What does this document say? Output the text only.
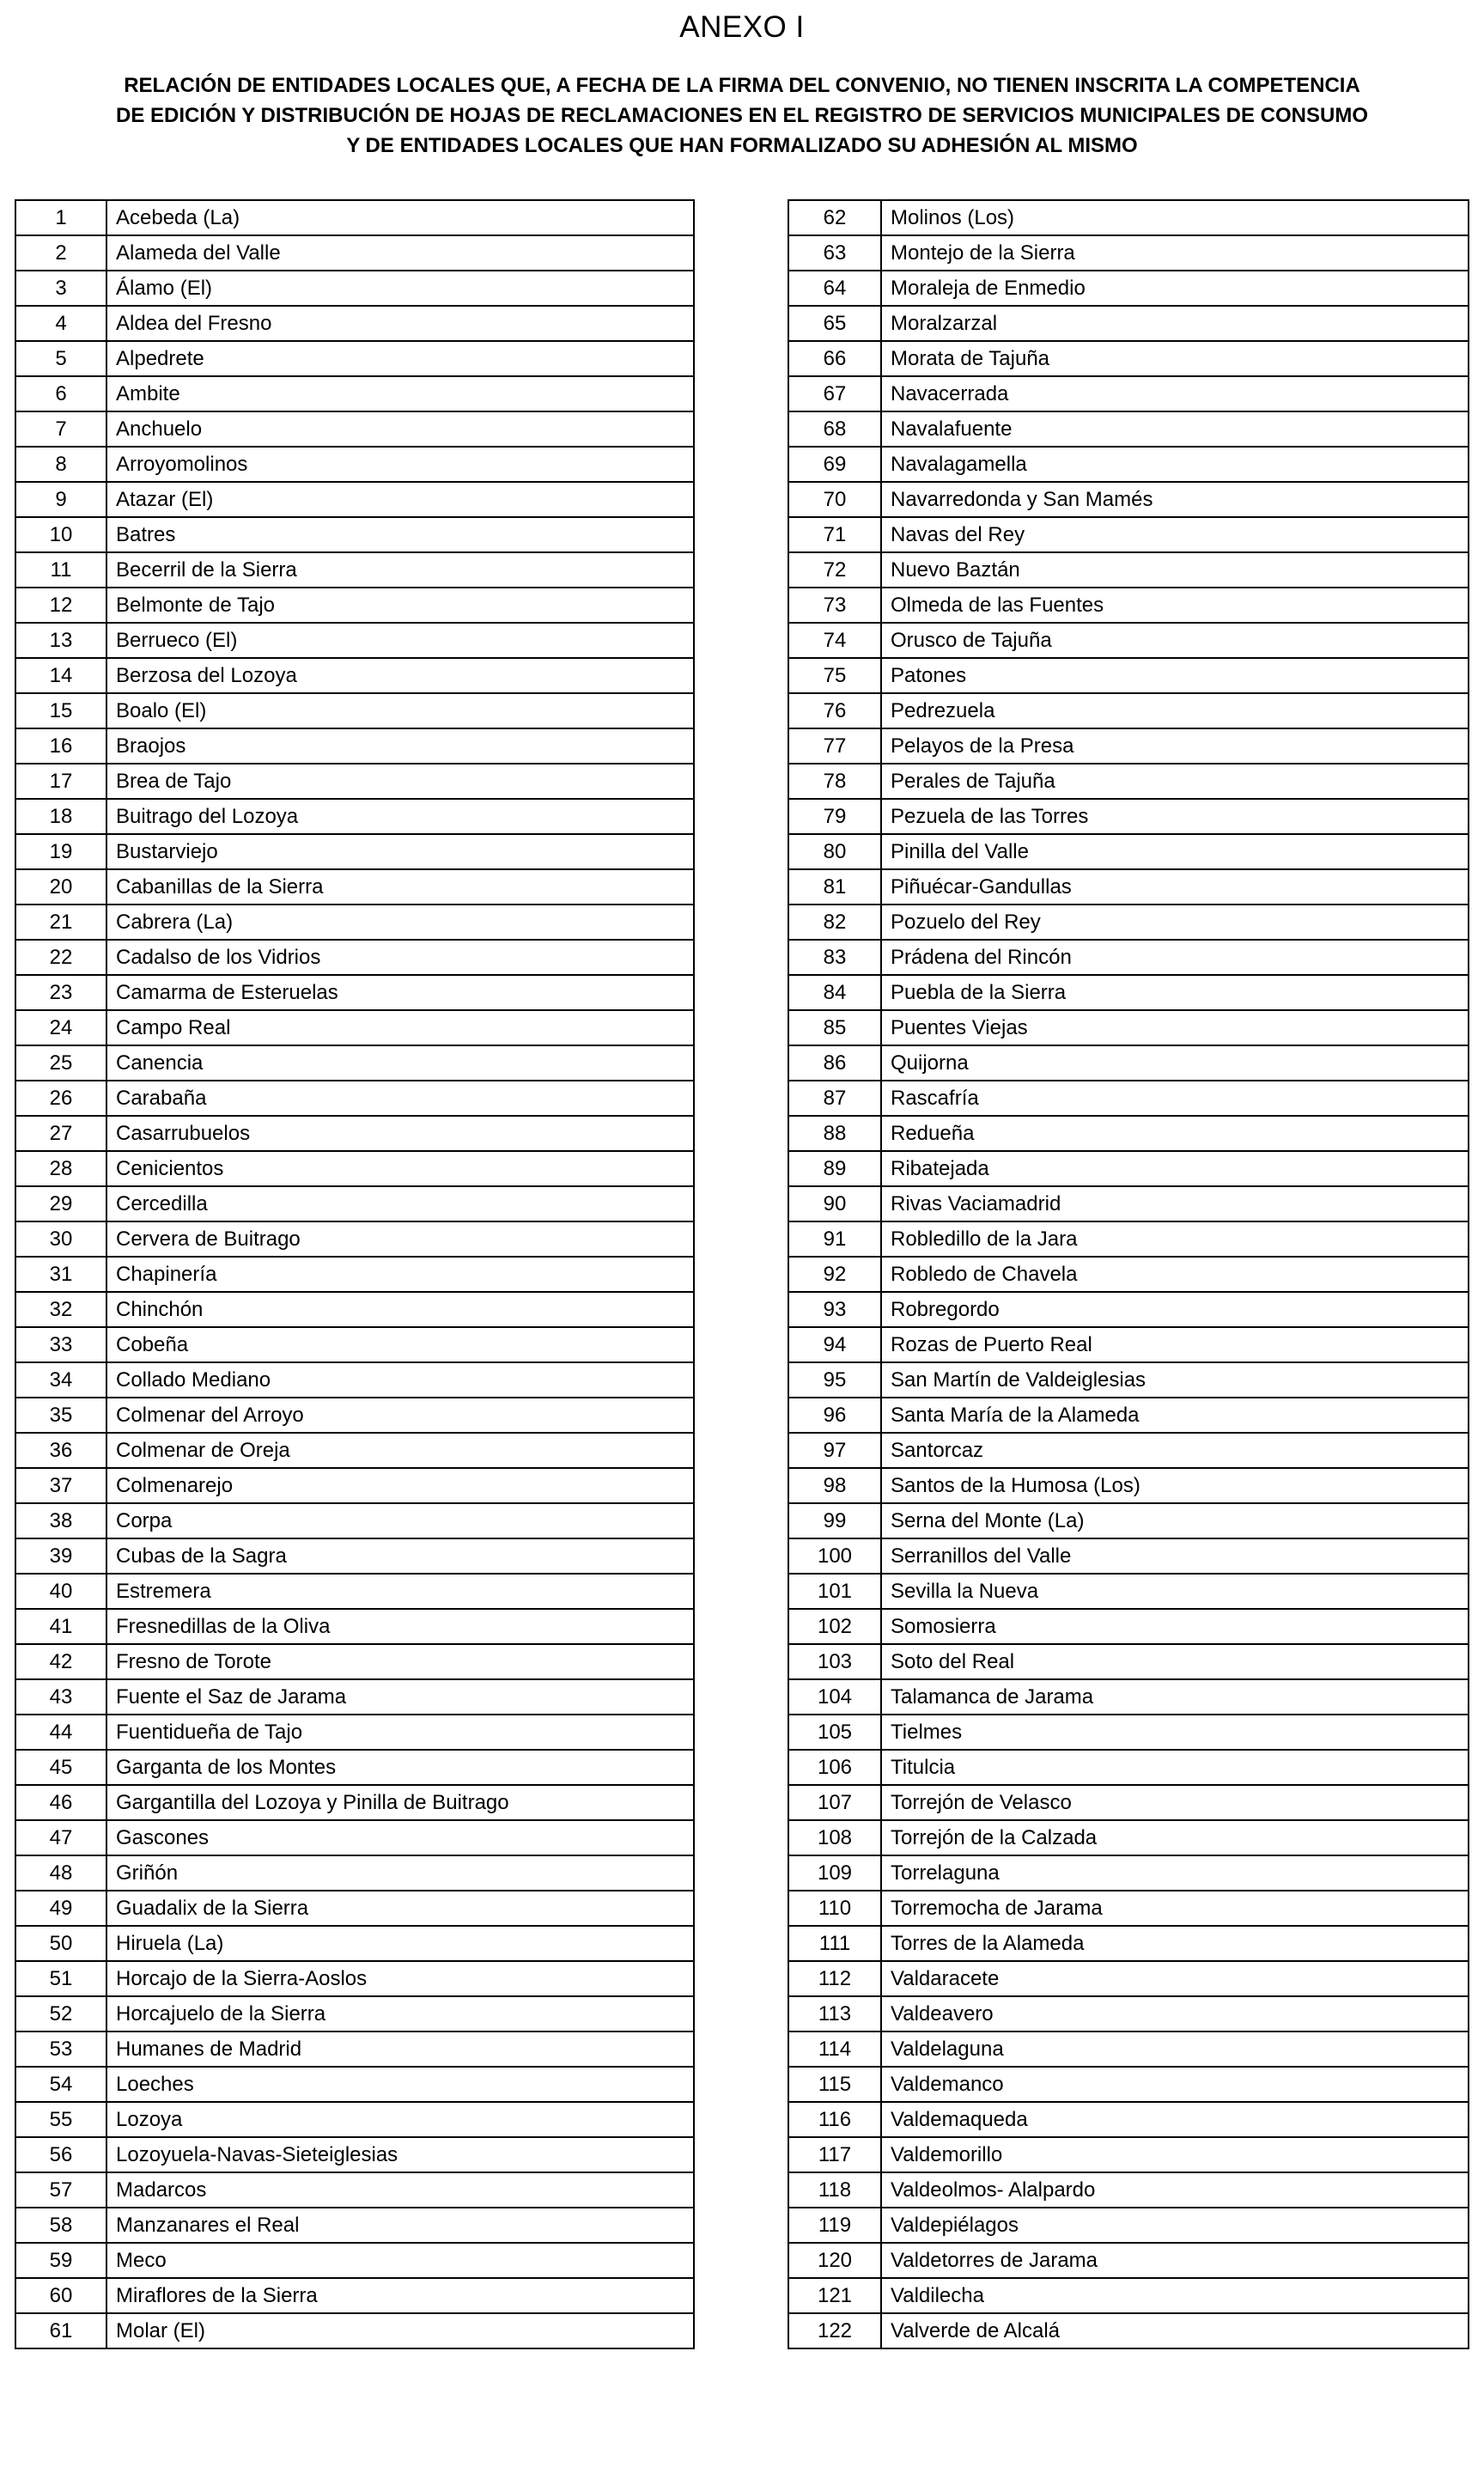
ANEXO I
RELACIÓN DE ENTIDADES LOCALES QUE, A FECHA DE LA FIRMA DEL CONVENIO, NO TIENEN INSCRITA LA COMPETENCIA
DE EDICIÓN Y DISTRIBUCIÓN DE HOJAS DE RECLAMACIONES EN EL REGISTRO DE SERVICIOS MUNICIPALES DE CONSUMO
Y DE ENTIDADES LOCALES QUE HAN FORMALIZADO SU ADHESIÓN AL MISMO
1	Acebeda (La)
2	Alameda del Valle
3	Álamo (El)
4	Aldea del Fresno
5	Alpedrete
6	Ambite
7	Anchuelo
8	Arroyomolinos
9	Atazar (El)
10	Batres
11	Becerril de la Sierra
12	Belmonte de Tajo
13	Berrueco (El)
14	Berzosa del Lozoya
15	Boalo (El)
16	Braojos
17	Brea de Tajo
18	Buitrago del Lozoya
19	Bustarviejo
20	Cabanillas de la Sierra
21	Cabrera (La)
22	Cadalso de los Vidrios
23	Camarma de Esteruelas
24	Campo Real
25	Canencia
26	Carabaña
27	Casarrubuelos
28	Cenicientos
29	Cercedilla
30	Cervera de Buitrago
31	Chapinería
32	Chinchón
33	Cobeña
34	Collado Mediano
35	Colmenar del Arroyo
36	Colmenar de Oreja
37	Colmenarejo
38	Corpa
39	Cubas de la Sagra
40	Estremera
41	Fresnedillas de la Oliva
42	Fresno de Torote
43	Fuente el Saz de Jarama
44	Fuentidueña de Tajo
45	Garganta de los Montes
46	Gargantilla del Lozoya y Pinilla de Buitrago
47	Gascones
48	Griñón
49	Guadalix de la Sierra
50	Hiruela (La)
51	Horcajo de la Sierra-Aoslos
52	Horcajuelo de la Sierra
53	Humanes de Madrid
54	Loeches
55	Lozoya
56	Lozoyuela-Navas-Sieteiglesias
57	Madarcos
58	Manzanares el Real
59	Meco
60	Miraflores de la Sierra
61	Molar (El)
62	Molinos (Los)
63	Montejo de la Sierra
64	Moraleja de Enmedio
65	Moralzarzal
66	Morata de Tajuña
67	Navacerrada
68	Navalafuente
69	Navalagamella
70	Navarredonda y San Mamés
71	Navas del Rey
72	Nuevo Baztán
73	Olmeda de las Fuentes
74	Orusco de Tajuña
75	Patones
76	Pedrezuela
77	Pelayos de la Presa
78	Perales de Tajuña
79	Pezuela de las Torres
80	Pinilla del Valle
81	Piñuécar-Gandullas
82	Pozuelo del Rey
83	Prádena del Rincón
84	Puebla de la Sierra
85	Puentes Viejas
86	Quijorna
87	Rascafría
88	Redueña
89	Ribatejada
90	Rivas Vaciamadrid
91	Robledillo de la Jara
92	Robledo de Chavela
93	Robregordo
94	Rozas de Puerto Real
95	San Martín de Valdeiglesias
96	Santa María de la Alameda
97	Santorcaz
98	Santos de la Humosa (Los)
99	Serna del Monte (La)
100	Serranillos del Valle
101	Sevilla la Nueva
102	Somosierra
103	Soto del Real
104	Talamanca de Jarama
105	Tielmes
106	Titulcia
107	Torrejón de Velasco
108	Torrejón de la Calzada
109	Torrelaguna
110	Torremocha de Jarama
111	Torres de la Alameda
112	Valdaracete
113	Valdeavero
114	Valdelaguna
115	Valdemanco
116	Valdemaqueda
117	Valdemorillo
118	Valdeolmos- Alalpardo
119	Valdepiélagos
120	Valdetorres de Jarama
121	Valdilecha
122	Valverde de Alcalá
